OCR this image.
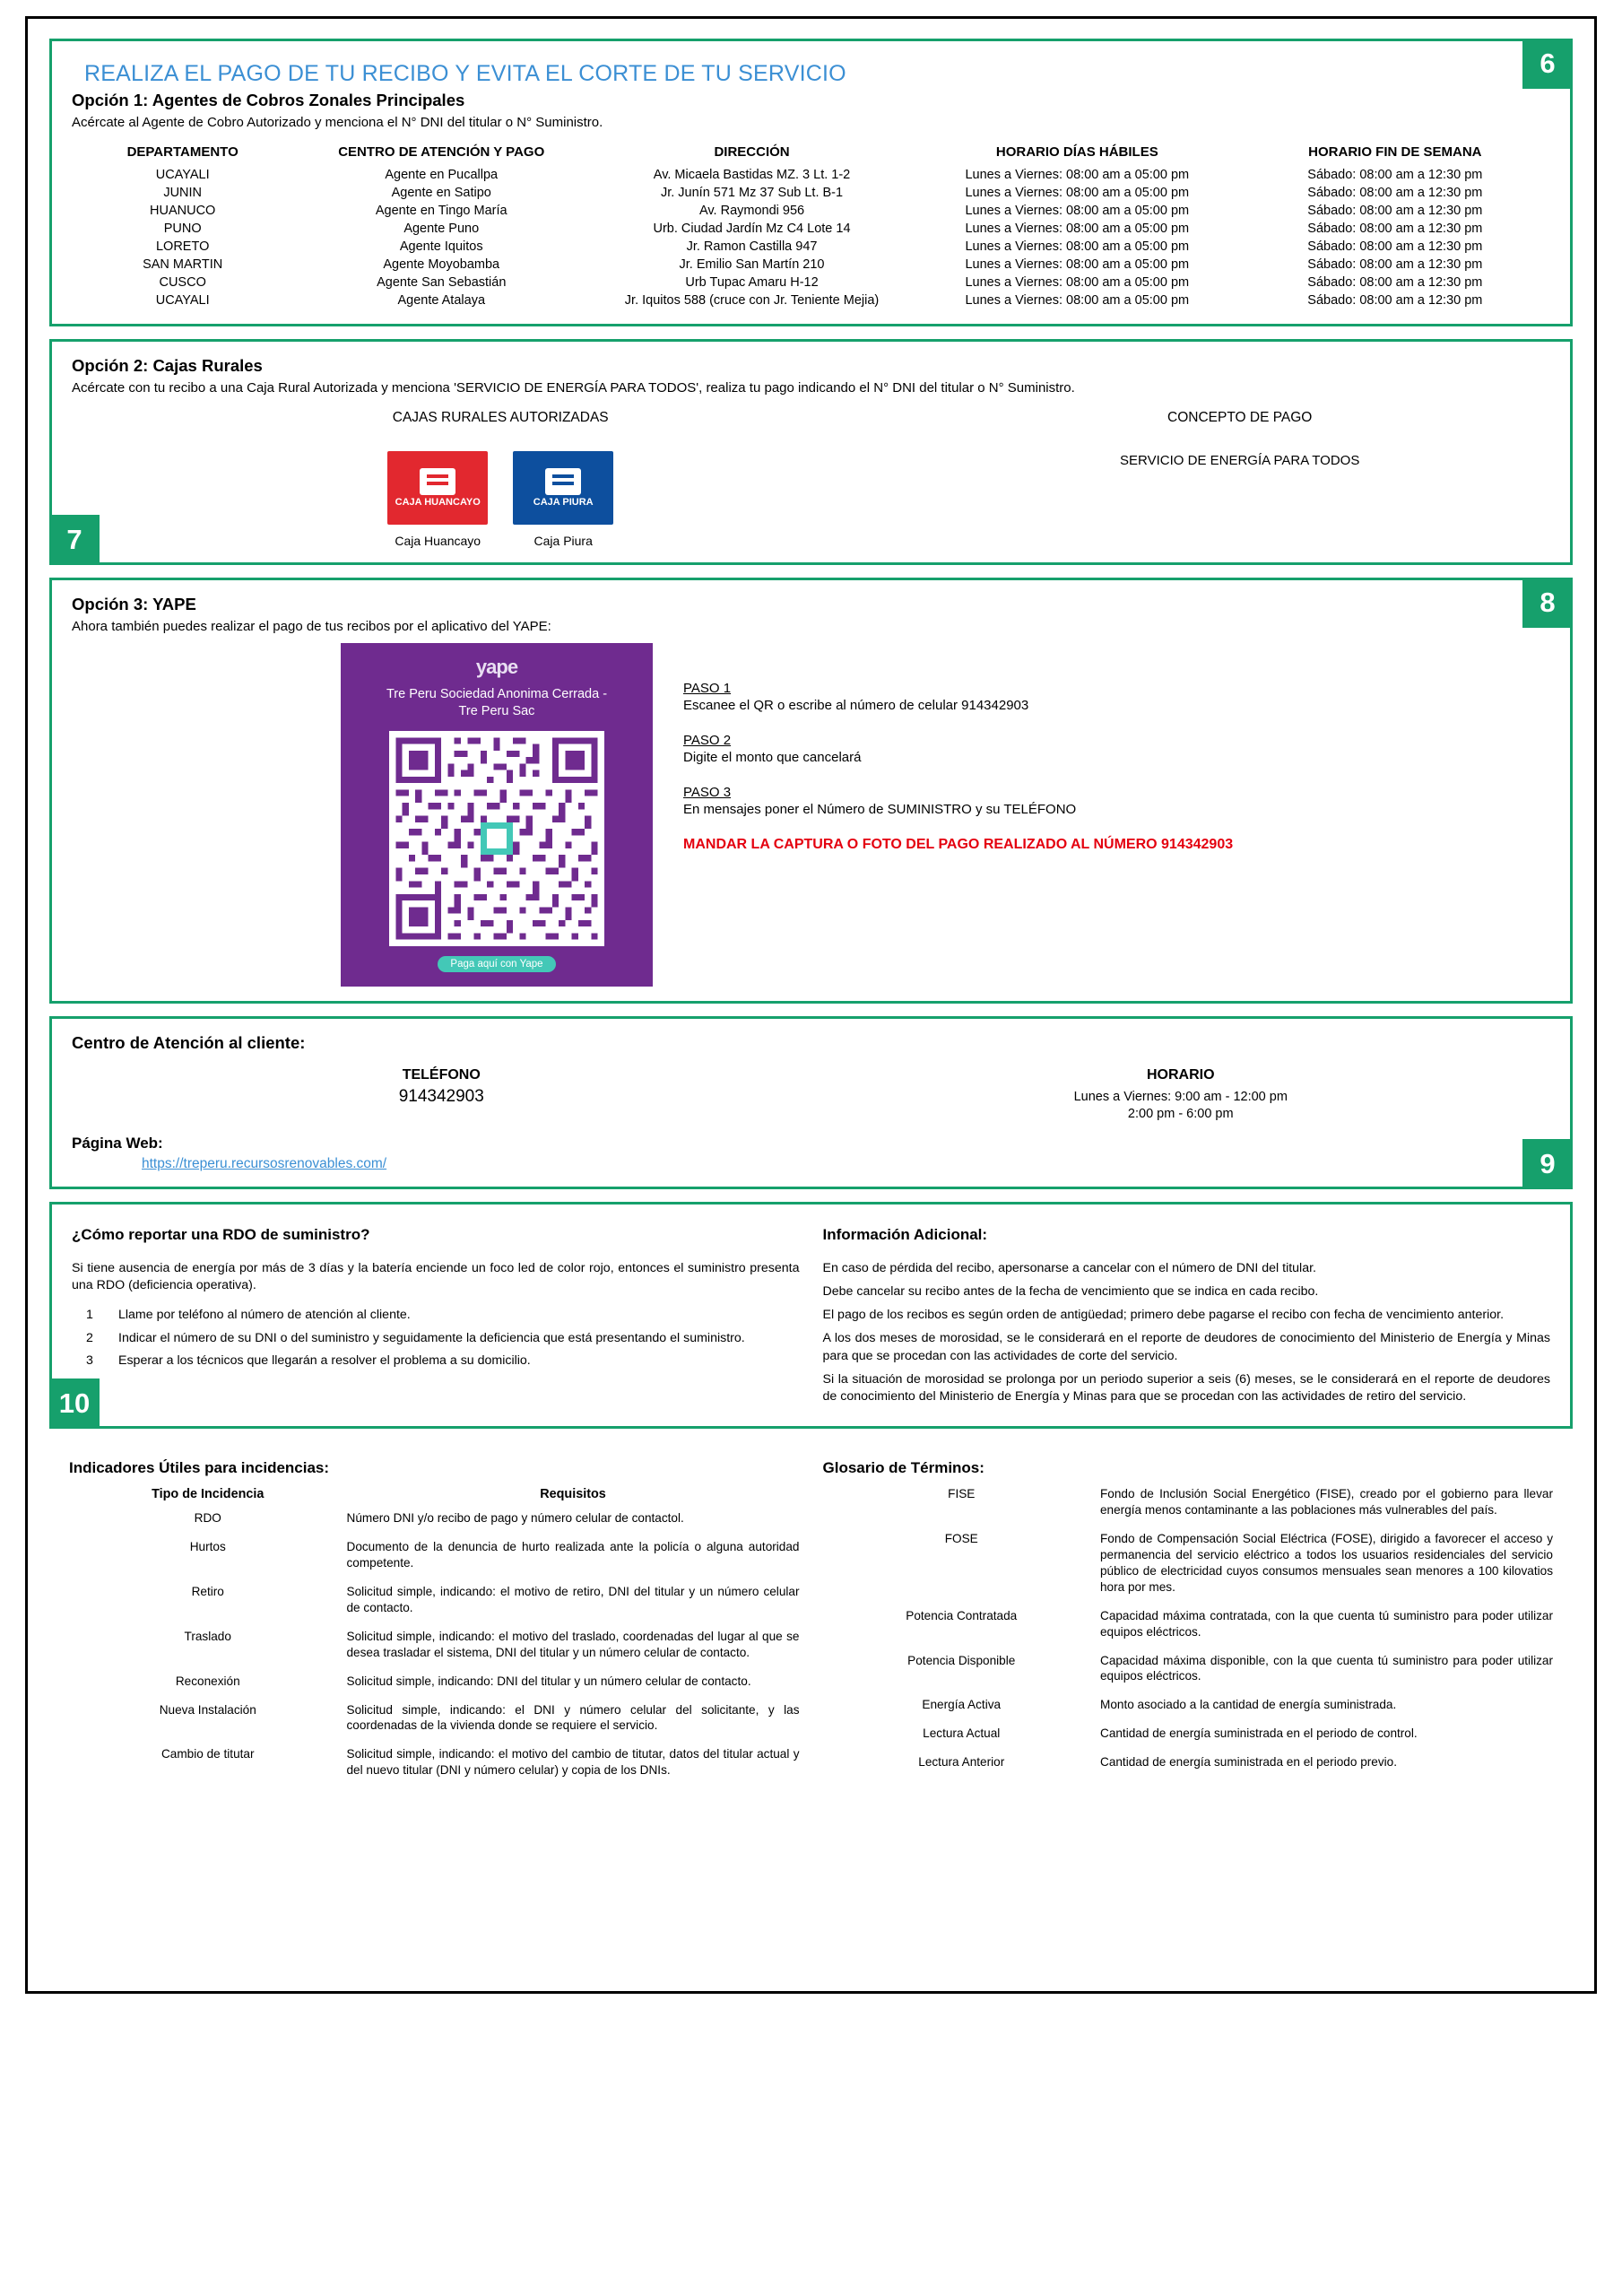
6
REALIZA EL PAGO DE TU RECIBO Y EVITA EL CORTE DE TU SERVICIO
Opción 1: Agentes de Cobros Zonales Principales

Acércate al Agente de Cobro Autorizado y menciona el N° DNI del titular o N° Suministro.

DEPARTAMENTO	CENTRO DE ATENCIÓN Y PAGO	DIRECCIÓN	HORARIO DÍAS HÁBILES	HORARIO FIN DE SEMANA
UCAYALI	Agente en Pucallpa	Av. Micaela Bastidas MZ. 3 Lt. 1-2	Lunes a Viernes: 08:00 am a 05:00 pm	Sábado: 08:00 am a 12:30 pm
JUNIN	Agente en Satipo	Jr. Junín 571 Mz 37 Sub Lt. B-1	Lunes a Viernes: 08:00 am a 05:00 pm	Sábado: 08:00 am a 12:30 pm
HUANUCO	Agente en Tingo María	Av. Raymondi 956	Lunes a Viernes: 08:00 am a 05:00 pm	Sábado: 08:00 am a 12:30 pm
PUNO	Agente Puno	Urb. Ciudad Jardín Mz C4 Lote 14	Lunes a Viernes: 08:00 am a 05:00 pm	Sábado: 08:00 am a 12:30 pm
LORETO	Agente Iquitos	Jr. Ramon Castilla 947	Lunes a Viernes: 08:00 am a 05:00 pm	Sábado: 08:00 am a 12:30 pm
SAN MARTIN	Agente Moyobamba	Jr. Emilio San Martín 210	Lunes a Viernes: 08:00 am a 05:00 pm	Sábado: 08:00 am a 12:30 pm
CUSCO	Agente San Sebastián	Urb Tupac Amaru H-12	Lunes a Viernes: 08:00 am a 05:00 pm	Sábado: 08:00 am a 12:30 pm
UCAYALI	Agente Atalaya	Jr. Iquitos 588 (cruce con Jr. Teniente Mejia)	Lunes a Viernes: 08:00 am a 05:00 pm	Sábado: 08:00 am a 12:30 pm
7
Opción 2: Cajas Rurales

Acércate con tu recibo a una Caja Rural Autorizada y menciona 'SERVICIO DE ENERGÍA PARA TODOS', realiza tu pago indicando el N° DNI del titular o N° Suministro.

CAJAS RURALES AUTORIZADAS
CAJA HUANCAYO
Caja Huancayo
CAJA PIURA
Caja Piura
CONCEPTO DE PAGO
SERVICIO DE ENERGÍA PARA TODOS
8
Opción 3: YAPE

Ahora también puedes realizar el pago de tus recibos por el aplicativo del YAPE:

yape
Tre Peru Sociedad Anonima Cerrada - Tre Peru Sac
Paga aquí con Yape
PASO 1

Escanee el QR o escribe al número de celular 914342903

PASO 2

Digite el monto que cancelará

PASO 3

En mensajes poner el Número de SUMINISTRO y su TELÉFONO

MANDAR LA CAPTURA O FOTO DEL PAGO REALIZADO AL NÚMERO 914342903
9
Centro de Atención al cliente:
TELÉFONO
914342903
HORARIO
Lunes a Viernes: 9:00 am - 12:00 pm
2:00 pm - 6:00 pm
Página Web:
https://treperu.recursosrenovables.com/
10
¿Cómo reportar una RDO de suministro?

Si tiene ausencia de energía por más de 3 días y la batería enciende un foco led de color rojo, entonces el suministro presenta una RDO (deficiencia operativa).

1	Llame por teléfono al número de atención al cliente.
2	Indicar el número de su DNI o del suministro y seguidamente la deficiencia que está presentando el suministro.
3	Esperar a los técnicos que llegarán a resolver el problema a su domicilio.
Información Adicional:

En caso de pérdida del recibo, apersonarse a cancelar con el número de DNI del titular.

Debe cancelar su recibo antes de la fecha de vencimiento que se indica en cada recibo.

El pago de los recibos es según orden de antigüedad; primero debe pagarse el recibo con fecha de vencimiento anterior.

A los dos meses de morosidad, se le considerará en el reporte de deudores de conocimiento del Ministerio de Energía y Minas para que se procedan con las actividades de corte del servicio.

Si la situación de morosidad se prolonga por un periodo superior a seis (6) meses, se le considerará en el reporte de deudores de conocimiento del Ministerio de Energía y Minas para que se procedan con las actividades de retiro del servicio.

Indicadores Útiles para incidencias:
Tipo de Incidencia	Requisitos
RDO	Número DNI y/o recibo de pago y número celular de contactol.
Hurtos	Documento de la denuncia de hurto realizada ante la policía o alguna autoridad competente.
Retiro	Solicitud simple, indicando: el motivo de retiro, DNI del titular y un número celular de contacto.
Traslado	Solicitud simple, indicando: el motivo del traslado, coordenadas del lugar al que se desea trasladar el sistema, DNI del titular y un número celular de contacto.
Reconexión	Solicitud simple, indicando: DNI del titular y un número celular de contacto.
Nueva Instalación	Solicitud simple, indicando: el DNI y número celular del solicitante, y las coordenadas de la vivienda donde se requiere el servicio.
Cambio de titutar	Solicitud simple, indicando: el motivo del cambio de titutar, datos del titular actual y del nuevo titular (DNI y número celular) y copia de los DNIs.
Glosario de Términos:
FISE	Fondo de Inclusión Social Energético (FISE), creado por el gobierno para llevar energía menos contaminante a las poblaciones más vulnerables del país.
FOSE	Fondo de Compensación Social Eléctrica (FOSE), dirigido a favorecer el acceso y permanencia del servicio eléctrico a todos los usuarios residenciales del servicio público de electricidad cuyos consumos mensuales sean menores a 100 kilovatios hora por mes.
Potencia Contratada	Capacidad máxima contratada, con la que cuenta tú suministro para poder utilizar equipos eléctricos.
Potencia Disponible	Capacidad máxima disponible, con la que cuenta tú suministro para poder utilizar equipos eléctricos.
Energía Activa	Monto asociado a la cantidad de energía suministrada.
Lectura Actual	Cantidad de energía suministrada en el periodo de control.
Lectura Anterior	Cantidad de energía suministrada en el periodo previo.
